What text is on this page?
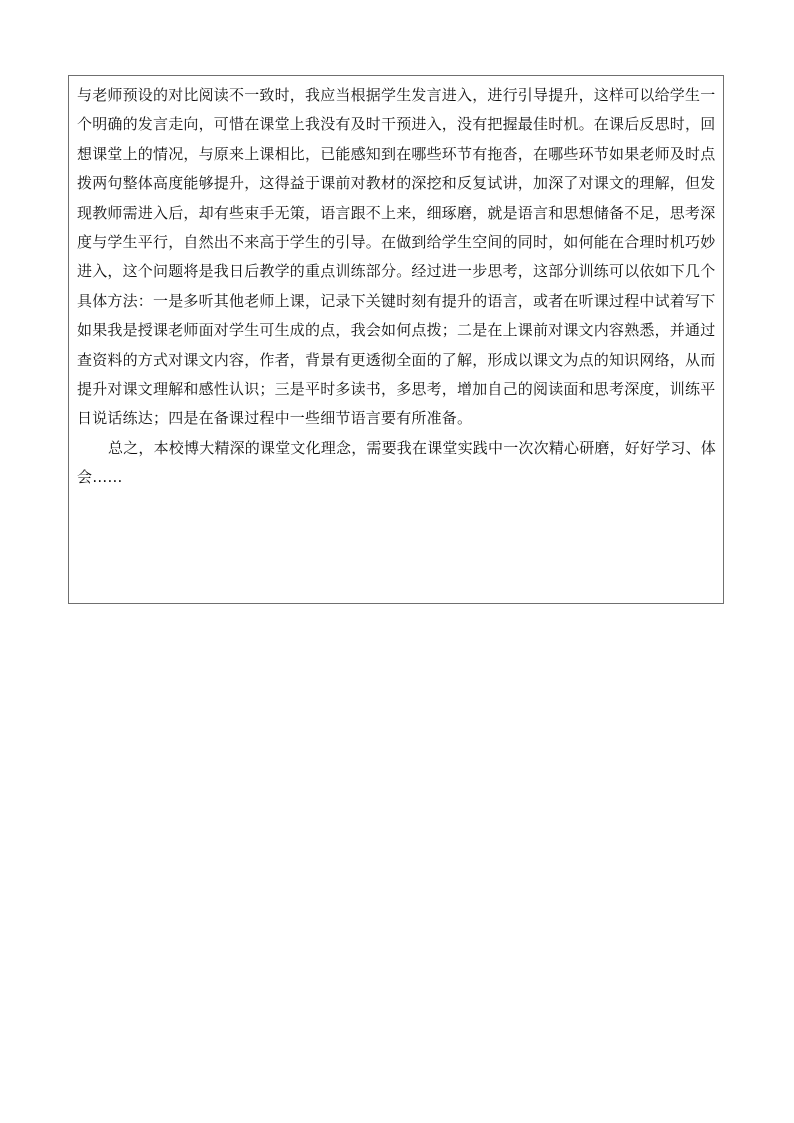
与老师预设的对比阅读不一致时，我应当根据学生发言进入，进行引导提升，这样可以给学生一个明确的发言走向，可惜在课堂上我没有及时干预进入，没有把握最佳时机。在课后反思时，回想课堂上的情况，与原来上课相比，已能感知到在哪些环节有拖沓，在哪些环节如果老师及时点拨两句整体高度能够提升，这得益于课前对教材的深挖和反复试讲，加深了对课文的理解，但发现教师需进入后，却有些束手无策，语言跟不上来，细琢磨，就是语言和思想储备不足，思考深度与学生平行，自然出不来高于学生的引导。在做到给学生空间的同时，如何能在合理时机巧妙进入，这个问题将是我日后教学的重点训练部分。经过进一步思考，这部分训练可以依如下几个具体方法：一是多听其他老师上课，记录下关键时刻有提升的语言，或者在听课过程中试着写下如果我是授课老师面对学生可生成的点，我会如何点拨；二是在上课前对课文内容熟悉，并通过查资料的方式对课文内容，作者，背景有更透彻全面的了解，形成以课文为点的知识网络，从而提升对课文理解和感性认识；三是平时多读书，多思考，增加自己的阅读面和思考深度，训练平日说话练达；四是在备课过程中一些细节语言要有所准备。

总之，本校博大精深的课堂文化理念，需要我在课堂实践中一次次精心研磨，好好学习、体会……
